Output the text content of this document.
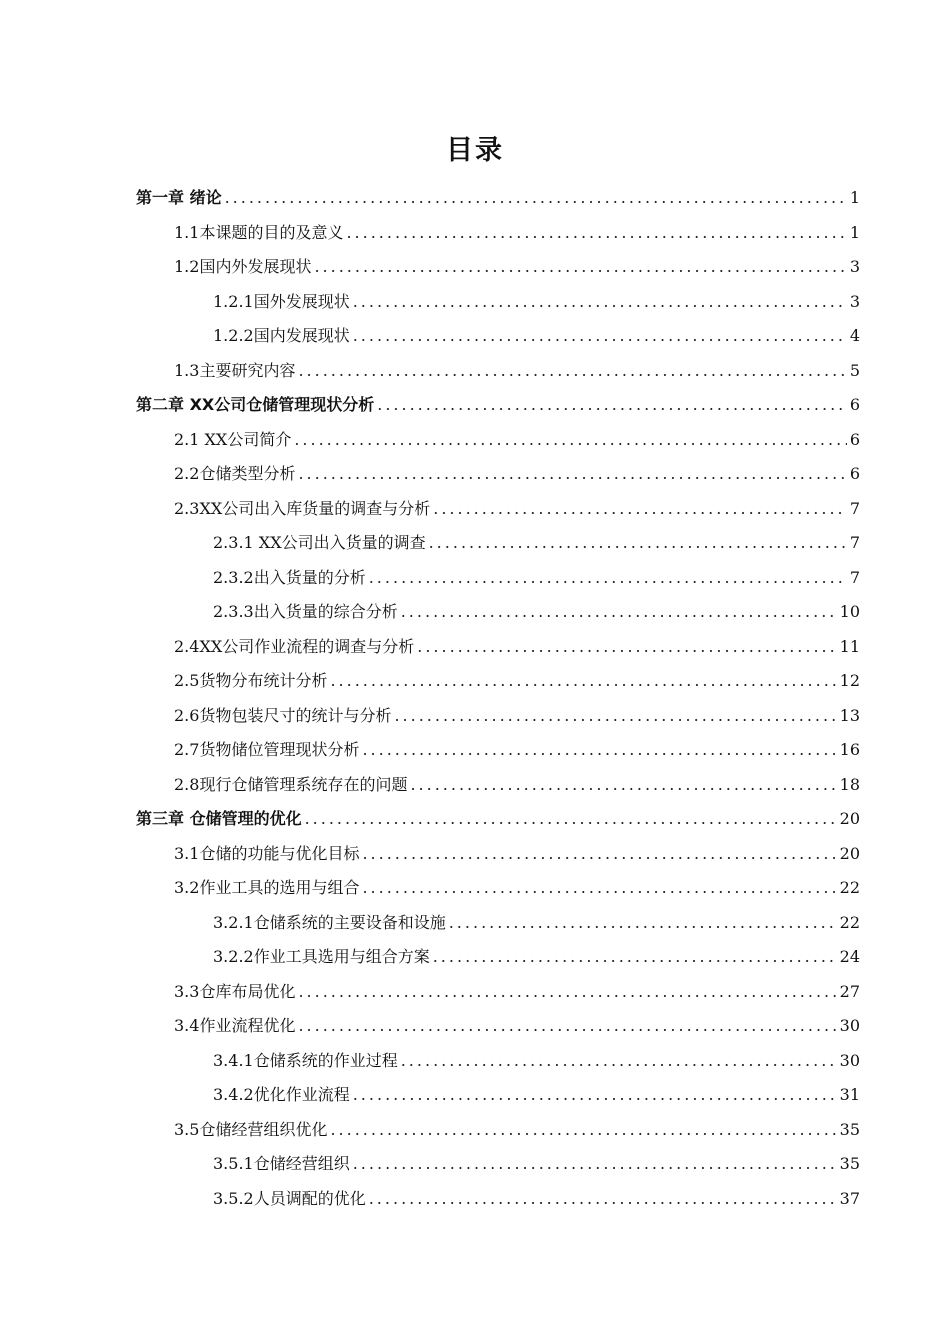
目录
第一章 绪论 .....	1
1.1本课题的目的及意义 .....	1
1.2国内外发展现状 .....	3
1.2.1国外发展现状 .....	3
1.2.2国内发展现状 .....	4
1.3主要研究内容 .....	5
第二章 XX公司仓储管理现状分析 .....	6
2.1 XX公司简介 .....	6
2.2仓储类型分析 .....	6
2.3XX公司出入库货量的调查与分析 .....	7
2.3.1 XX公司出入货量的调查 .....	7
2.3.2出入货量的分析 .....	7
2.3.3出入货量的综合分析 .....	10
2.4XX公司作业流程的调查与分析 .....	11
2.5货物分布统计分析 .....	12
2.6货物包装尺寸的统计与分析 .....	13
2.7货物储位管理现状分析 .....	16
2.8现行仓储管理系统存在的问题 .....	18
第三章 仓储管理的优化 .....	20
3.1仓储的功能与优化目标 .....	20
3.2作业工具的选用与组合 .....	22
3.2.1仓储系统的主要设备和设施 .....	22
3.2.2作业工具选用与组合方案 .....	24
3.3仓库布局优化 .....	27
3.4作业流程优化 .....	30
3.4.1仓储系统的作业过程 .....	30
3.4.2优化作业流程 .....	31
3.5仓储经营组织优化 .....	35
3.5.1仓储经营组织 .....	35
3.5.2人员调配的优化 .....	37
